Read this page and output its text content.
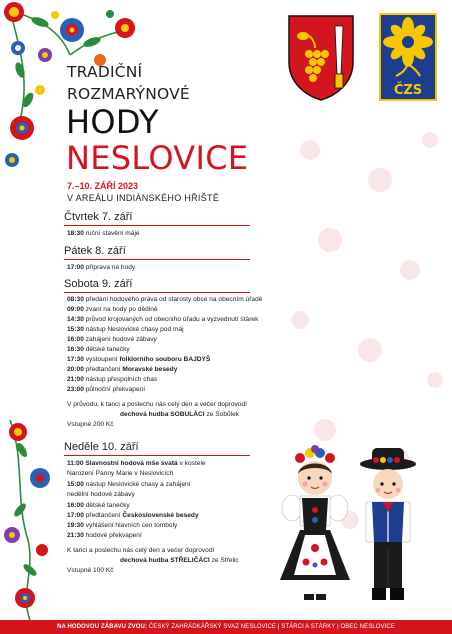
ČZS
TRADIČNÍ
ROZMARÝNOVÉ
HODY
NESLOVICE
7.–10. ZÁŘÍ 2023
V AREÁLU INDIÁNSKÉHO HŘIŠTĚ
Čtvrtek 7. září
18:30 ruční stavění máje
Pátek 8. září
17:00 příprava na hody
Sobota 9. září
08:30 předání hodového práva od starosty obce na obecním úřadě
09:00 zvaní na hody po dědině
14:30 průvod krojovaných od obecního úřadu a vyzvednutí stárek
15:30 nástup Neslovické chasy pod máj
16:00 zahájení hodové zábavy
16:30 dětské tanečky
17:30 vystoupení folklorního souboru BAJDYŠ
20:00 předtančení Moravské besedy
21:00 nástup přespolních chas
23:00 půlnoční překvapení
V průvodu, k tanci a poslechu nás celý den a večer doprovodí
dechová hudba SOBULÁCI ze Sobůlek
Vstupné 200 Kč
Neděle 10. září
11:00 Slavnostní hodová mše svatá v kostele
Narození Panny Marie v Neslovicích
15:00 nástup Neslovické chasy a zahájení
nedělní hodové zábavy
16:00 dětské tanečky
17:00 předtančení Československé besedy
19:30 vyhlášení hlavních cen tomboly
21:30 hodové překvapení
K tanci a poslechu nás celý den a večer doprovodí
dechová hudba STŘELIČÁCI ze Střelic
Vstupné 100 Kč
NA HODOVOU ZÁBAVU ZVOU: ČESKÝ ZAHRÁDKÁŘSKÝ SVAZ NESLOVICE | STÁRCI A STÁRKY | OBEC NESLOVICE
